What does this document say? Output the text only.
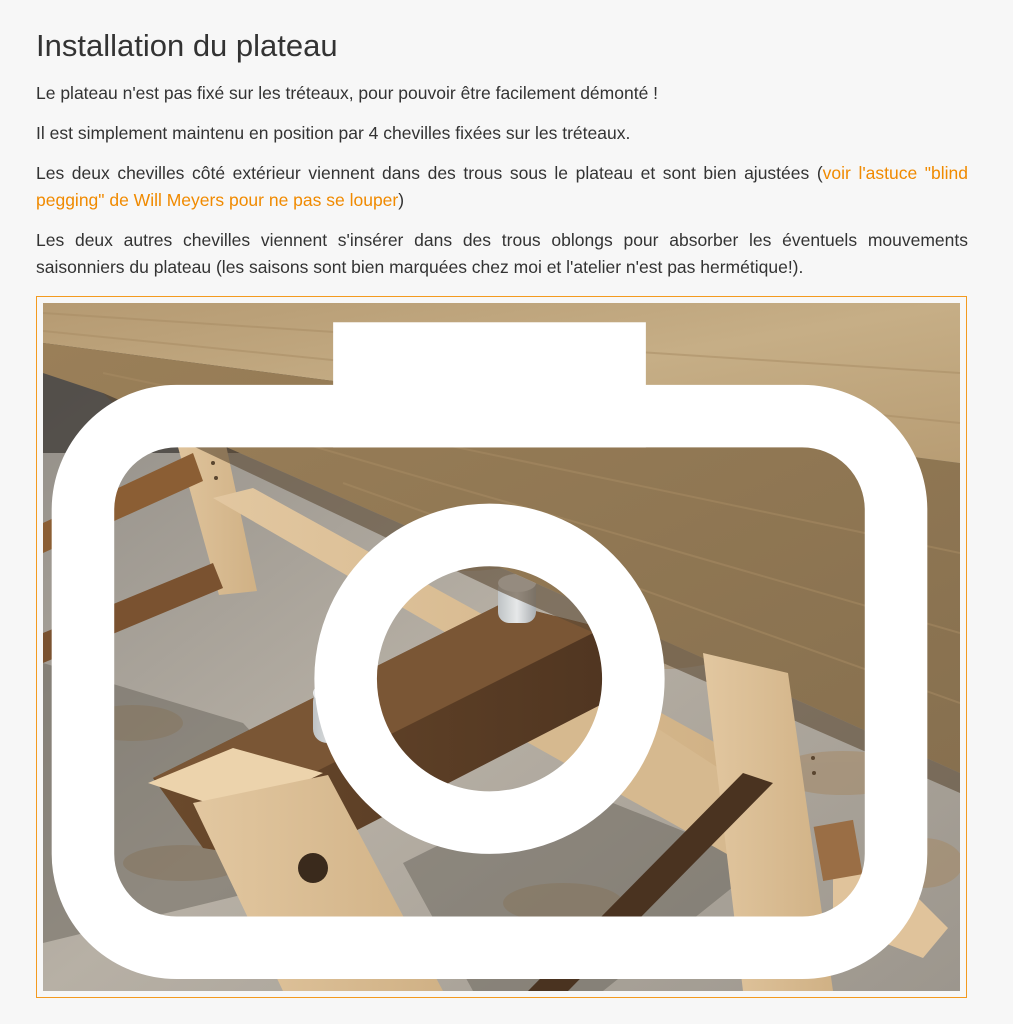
Installation du plateau

Le plateau n'est pas fixé sur les tréteaux, pour pouvoir être facilement démonté !

Il est simplement maintenu en position par 4 chevilles fixées sur les tréteaux.

Les deux chevilles côté extérieur viennent dans des trous sous le plateau et sont bien ajustées (voir l'astuce "blind pegging" de Will Meyers pour ne pas se louper)

Les deux autres chevilles viennent s'insérer dans des trous oblongs pour absorber les éventuels mouvements saisonniers du plateau (les saisons sont bien marquées chez moi et l'atelier n'est pas hermétique!).
